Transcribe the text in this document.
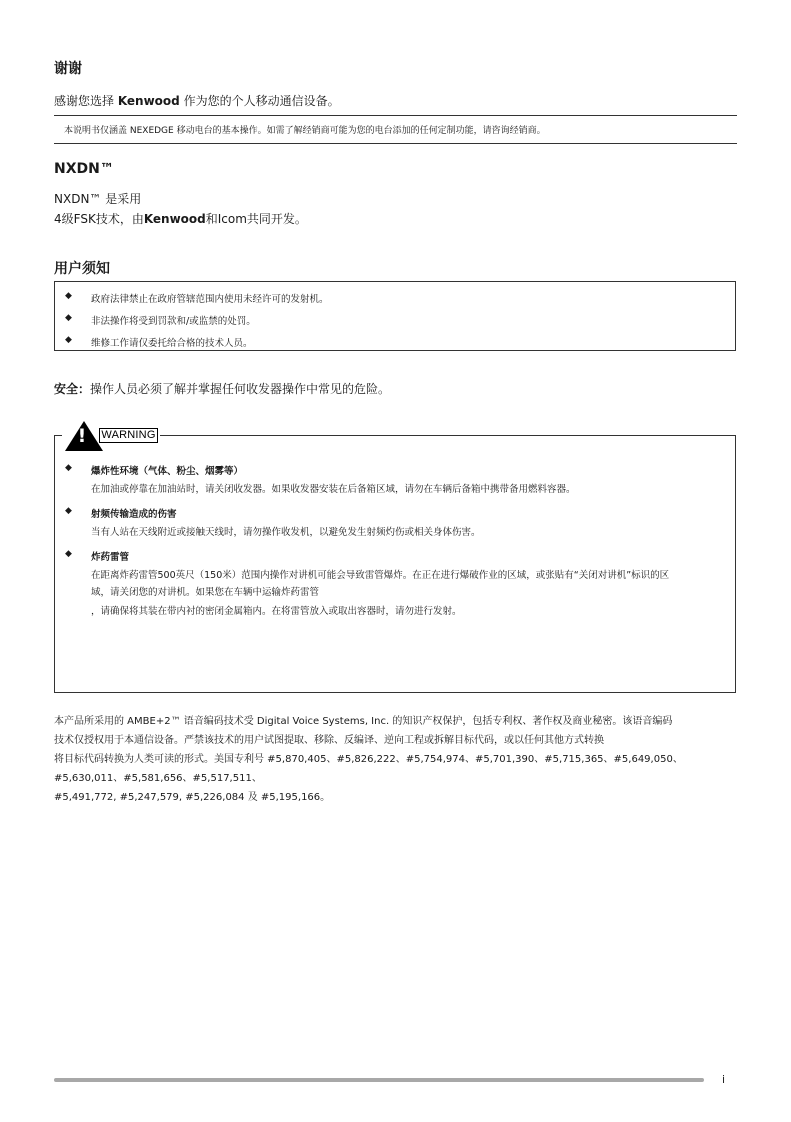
谢谢
感谢您选择 Kenwood 作为您的个人移动通信设备。
本说明书仅涵盖 NEXEDGE 移动电台的基本操作。如需了解经销商可能为您的电台添加的任何定制功能，请咨询经销商。
NXDN™
NXDN™ 是采用
4级FSK技术，由Kenwood和Icom共同开发。
用户须知
◆ 政府法律禁止在政府管辖范围内使用未经许可的发射机。
◆ 非法操作将受到罚款和/或监禁的处罚。
◆ 维修工作请仅委托给合格的技术人员。
安全：操作人员必须了解并掌握任何收发器操作中常见的危险。
◆ 爆炸性环境（气体、粉尘、烟雾等）
在加油或停靠在加油站时，请关闭收发器。如果收发器安装在后备箱区域，请勿在车辆后备箱中携带备用燃料容器。
◆ 射频传输造成的伤害
当有人站在天线附近或接触天线时，请勿操作收发机，以避免发生射频灼伤或相关身体伤害。
◆ 炸药雷管
在距离炸药雷管500英尺（150米）范围内操作对讲机可能会导致雷管爆炸。在正在进行爆破作业的区域，或张贴有“关闭对讲机”标识的区
域，请关闭您的对讲机。如果您在车辆中运输炸药雷管
，请确保将其装在带内衬的密闭金属箱内。在将雷管放入或取出容器时，请勿进行发射。
! WARNING
本产品所采用的 AMBE+2™ 语音编码技术受 Digital Voice Systems, Inc. 的知识产权保护，包括专利权、著作权及商业秘密。该语音编码
技术仅授权用于本通信设备。严禁该技术的用户试图提取、移除、反编译、逆向工程或拆解目标代码，或以任何其他方式转换
将目标代码转换为人类可读的形式。美国专利号 #5,870,405、#5,826,222、#5,754,974、#5,701,390、#5,715,365、#5,649,050、
#5,630,011、#5,581,656、#5,517,511、
#5,491,772, #5,247,579, #5,226,084 及 #5,195,166。
i
